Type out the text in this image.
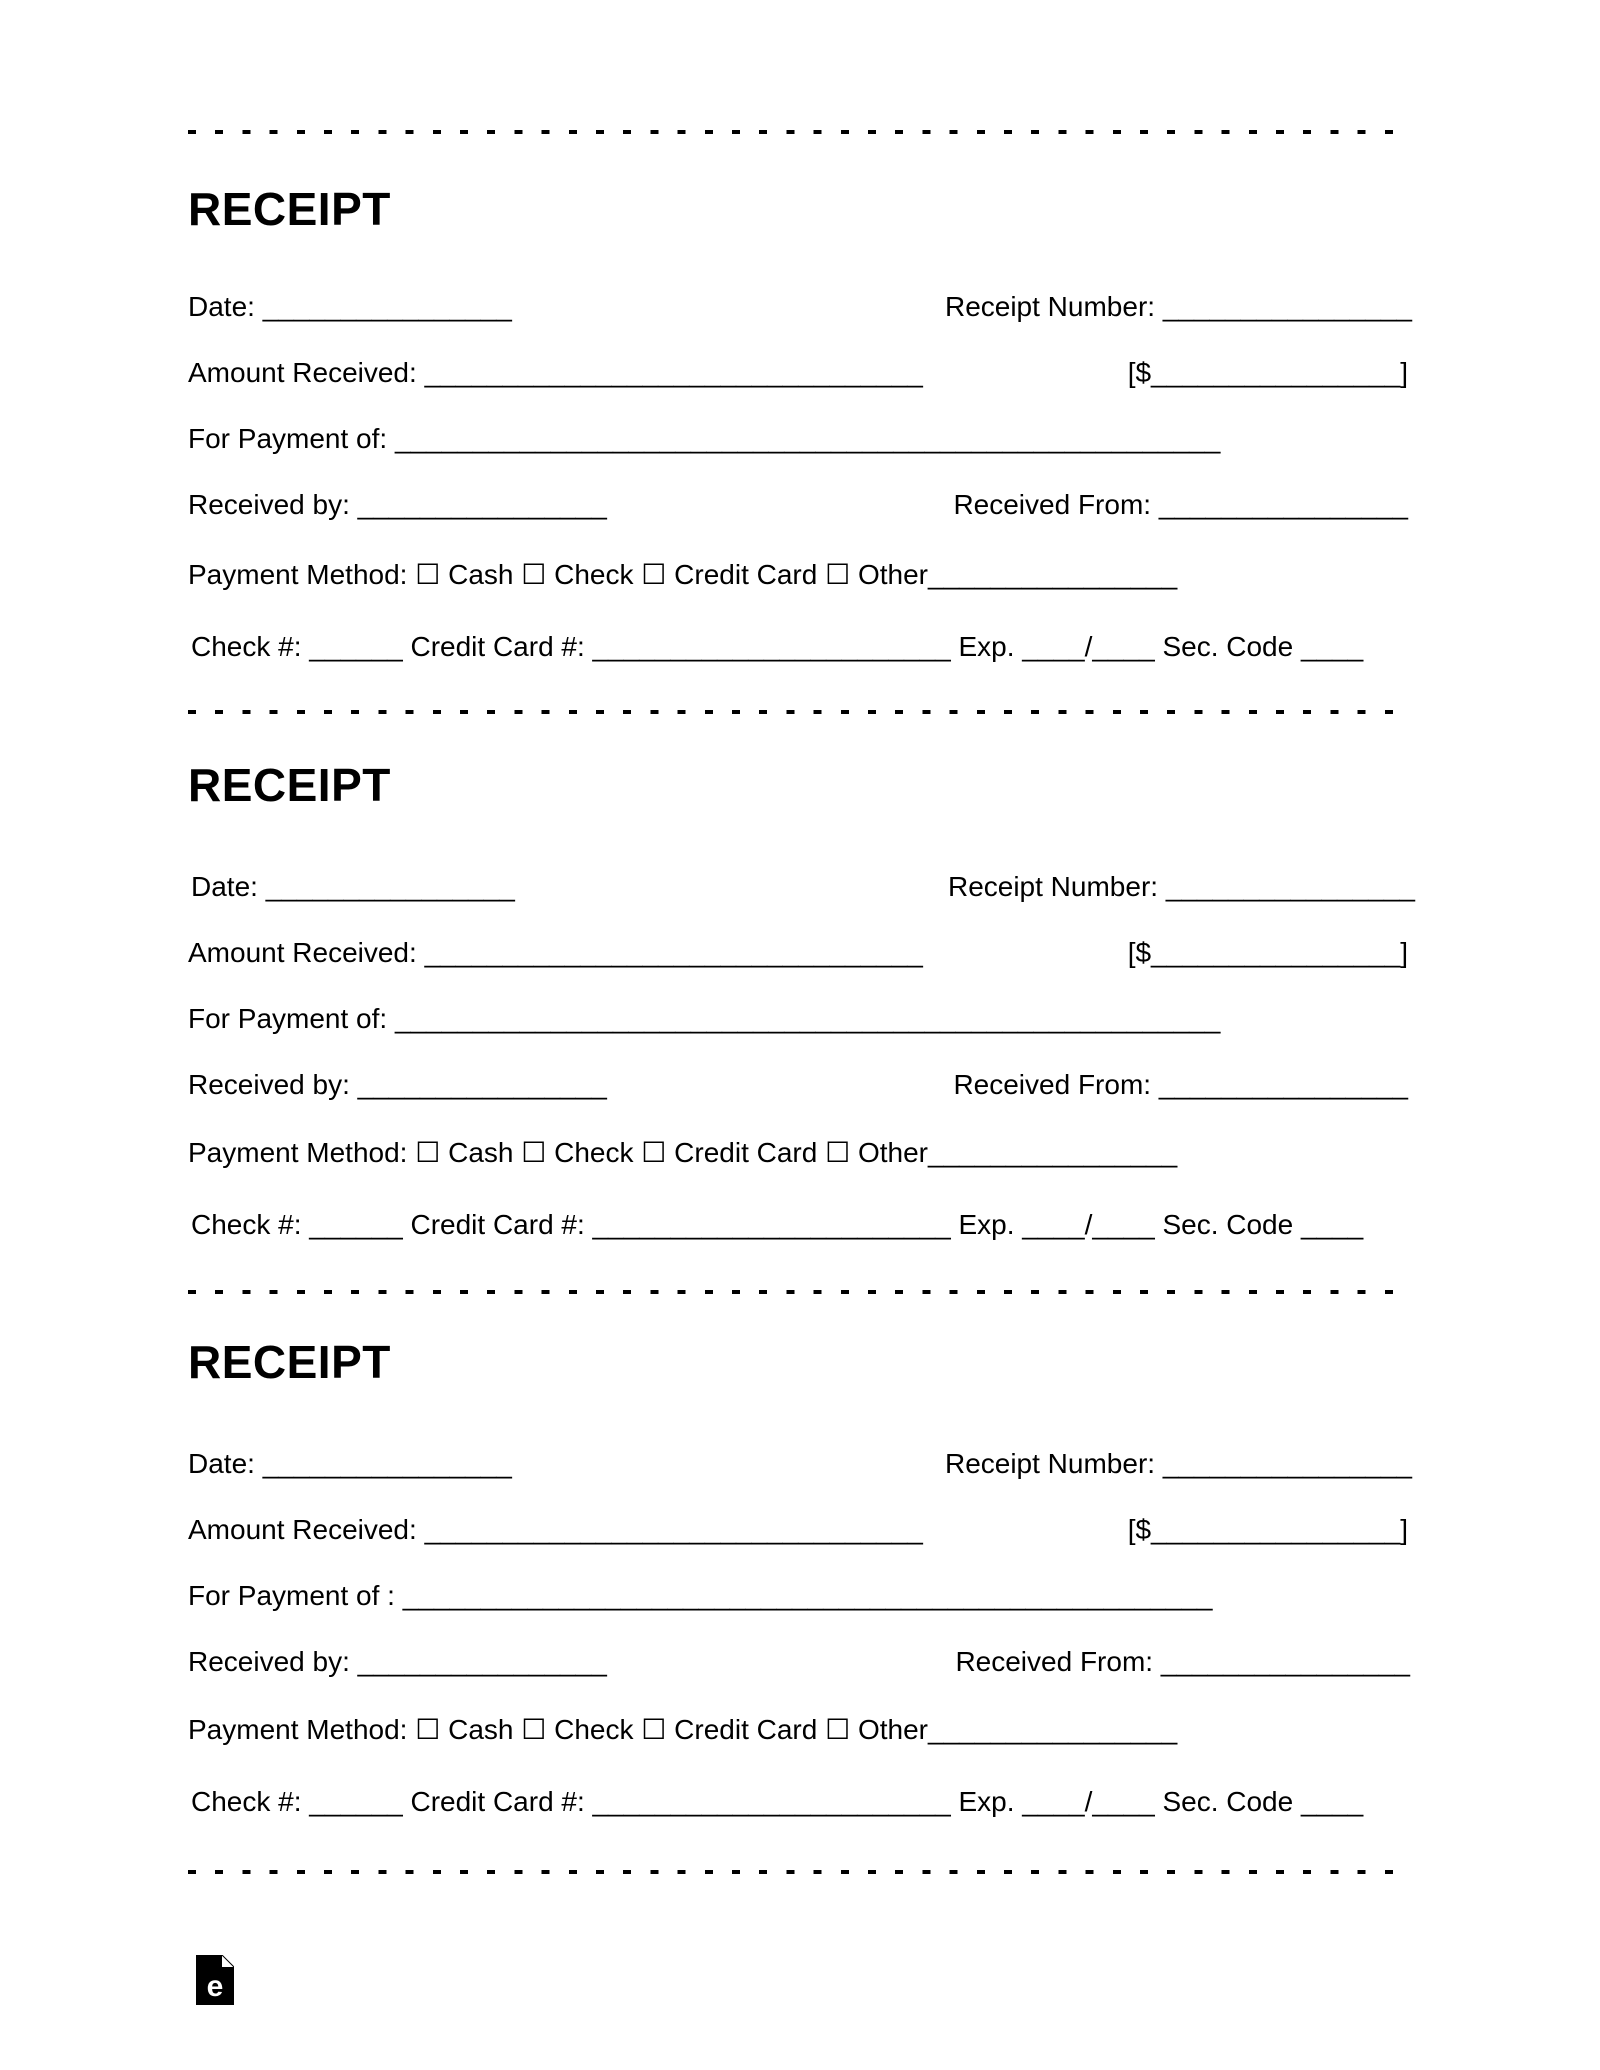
RECEIPT

Date: ________________

	Receipt Number: ________________

Amount Received: ________________________________

	[$________________]

For Payment of: _____________________________________________________

Received by: ________________

	Received From: ________________

Payment Method: ☐ Cash ☐ Check ☐ Credit Card ☐ Other________________

Check #: ______ Credit Card #: _______________________ Exp. ____/____ Sec. Code ____

RECEIPT

Date: ________________

	Receipt Number: ________________

Amount Received: ________________________________

	[$________________]

For Payment of: _____________________________________________________

Received by: ________________

	Received From: ________________

Payment Method: ☐ Cash ☐ Check ☐ Credit Card ☐ Other________________

Check #: ______ Credit Card #: _______________________ Exp. ____/____ Sec. Code ____

RECEIPT

Date: ________________

	Receipt Number: ________________

Amount Received: ________________________________

	[$________________]

For Payment of : ____________________________________________________

Received by: ________________

	Received From: ________________

Payment Method: ☐ Cash ☐ Check ☐ Credit Card ☐ Other________________

Check #: ______ Credit Card #: _______________________ Exp. ____/____ Sec. Code ____

e
